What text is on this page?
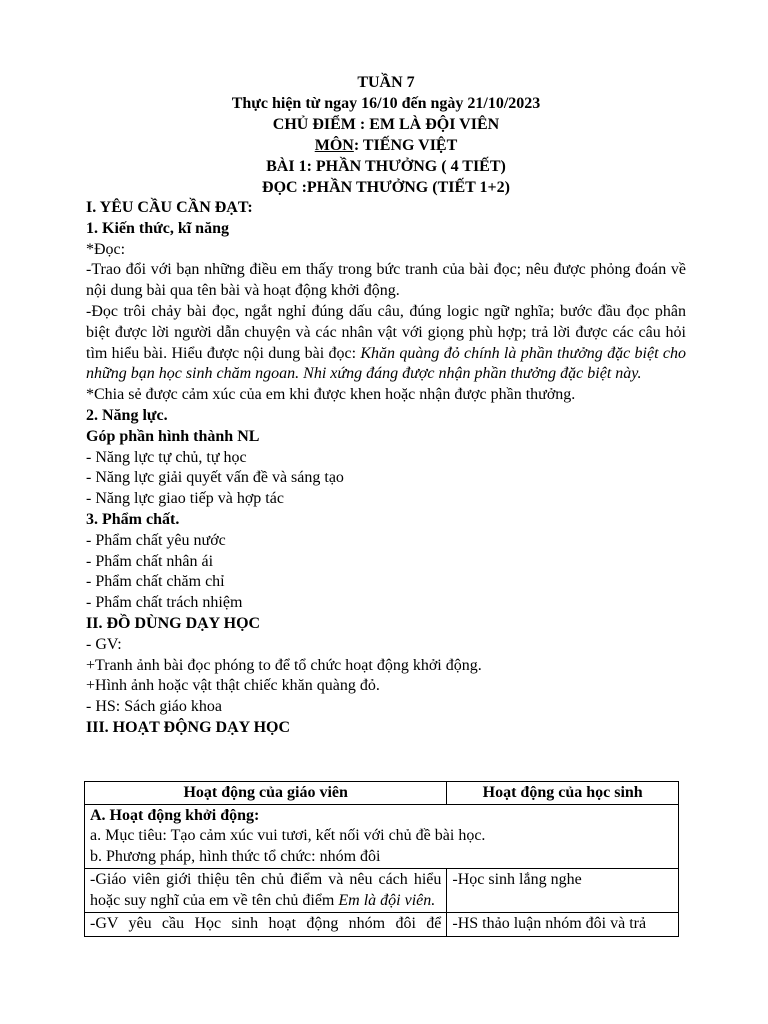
TUẦN 7
Thực hiện từ ngay 16/10 đến ngày 21/10/2023
CHỦ ĐIỂM : EM LÀ ĐỘI VIÊN
MÔN: TIẾNG VIỆT
BÀI 1: PHẦN THƯỞNG ( 4 TIẾT)
ĐỌC :PHẦN THƯỞNG (TIẾT 1+2)

I. YÊU CẦU CẦN ĐẠT:

1. Kiến thức, kĩ năng

*Đọc:

-Trao đổi với bạn những điều em thấy trong bức tranh của bài đọc; nêu được phỏng đoán về nội dung bài qua tên bài và hoạt động khởi động.

-Đọc trôi chảy bài đọc, ngắt nghỉ đúng dấu câu, đúng logic ngữ nghĩa; bước đầu đọc phân biệt được lời người dẫn chuyện và các nhân vật với giọng phù hợp; trả lời được các câu hỏi tìm hiểu bài. Hiểu được nội dung bài đọc: Khăn quàng đỏ chính là phần thưởng đặc biệt cho những bạn học sinh chăm ngoan. Nhi xứng đáng được nhận phần thưởng đặc biệt này.

*Chia sẻ được cảm xúc của em khi được khen hoặc nhận được phần thưởng.

2. Năng lực.

Góp phần hình thành NL

- Năng lực tự chủ, tự học

- Năng lực giải quyết vấn đề và sáng tạo

- Năng lực giao tiếp và hợp tác

3. Phẩm chất.

- Phẩm chất yêu nước

- Phẩm chất nhân ái

- Phẩm chất chăm chỉ

- Phẩm chất trách nhiệm

II. ĐỒ DÙNG DẠY HỌC

- GV:

+Tranh ảnh bài đọc phóng to để tổ chức hoạt động khởi động.

+Hình ảnh hoặc vật thật chiếc khăn quàng đỏ.

- HS: Sách giáo khoa

III. HOẠT ĐỘNG DẠY HỌC

Hoạt động của giáo viên	Hoạt động của học sinh

A. Hoạt động khởi động:
a. Mục tiêu: Tạo cảm xúc vui tươi, kết nối với chủ đề bài học.
b. Phương pháp, hình thức tổ chức: nhóm đôi	

-Giáo viên giới thiệu tên chủ điểm và nêu cách hiểu hoặc suy nghĩ của em về tên chủ điểm Em là đội viên.	-Học sinh lắng nghe
-GV yêu cầu Học sinh hoạt động nhóm đôi để	-HS thảo luận nhóm đôi và trả
